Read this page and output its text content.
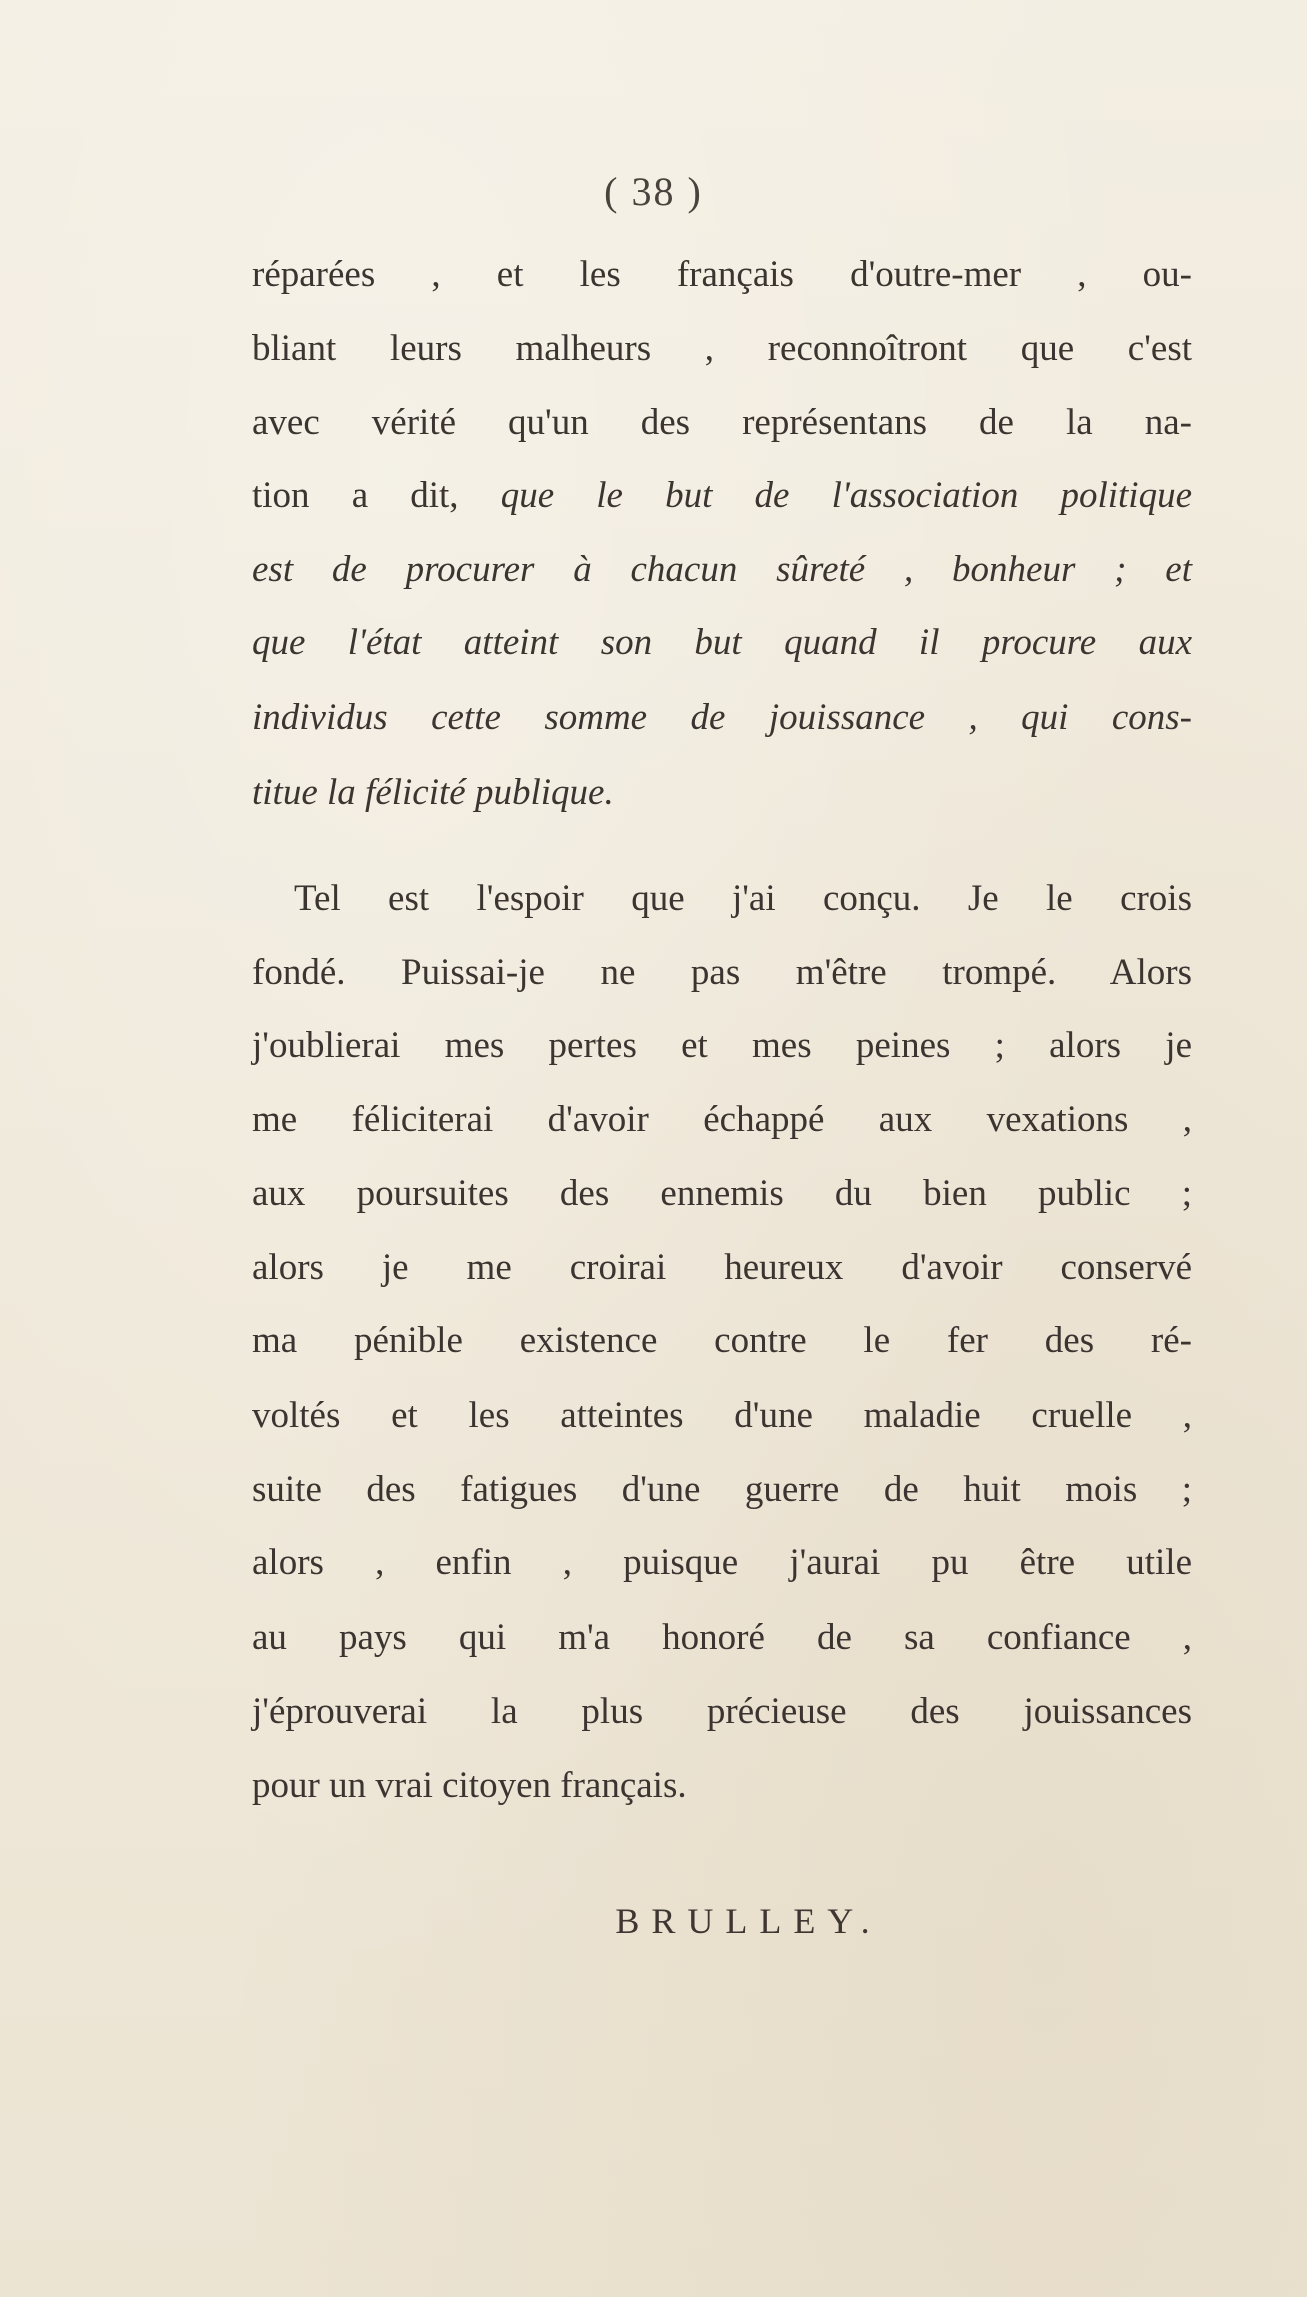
( 38 )
réparées , et les français d'outre-mer , ou-
bliant leurs malheurs , reconnoîtront que c'est
avec vérité qu'un des représentans de la na-
tion a dit, que le but de l'association politique
est de procurer à chacun sûreté , bonheur ; et
que l'état atteint son but quand il procure aux
individus cette somme de jouissance , qui cons-
titue la félicité publique.
Tel est l'espoir que j'ai conçu. Je le crois
fondé. Puissai-je ne pas m'être trompé. Alors
j'oublierai mes pertes et mes peines ; alors je
me féliciterai d'avoir échappé aux vexations ,
aux poursuites des ennemis du bien public ;
alors je me croirai heureux d'avoir conservé
ma pénible existence contre le fer des ré-
voltés et les atteintes d'une maladie cruelle ,
suite des fatigues d'une guerre de huit mois ;
alors , enfin , puisque j'aurai pu être utile
au pays qui m'a honoré de sa confiance ,
j'éprouverai la plus précieuse des jouissances
pour un vrai citoyen français.
BRULLEY.
